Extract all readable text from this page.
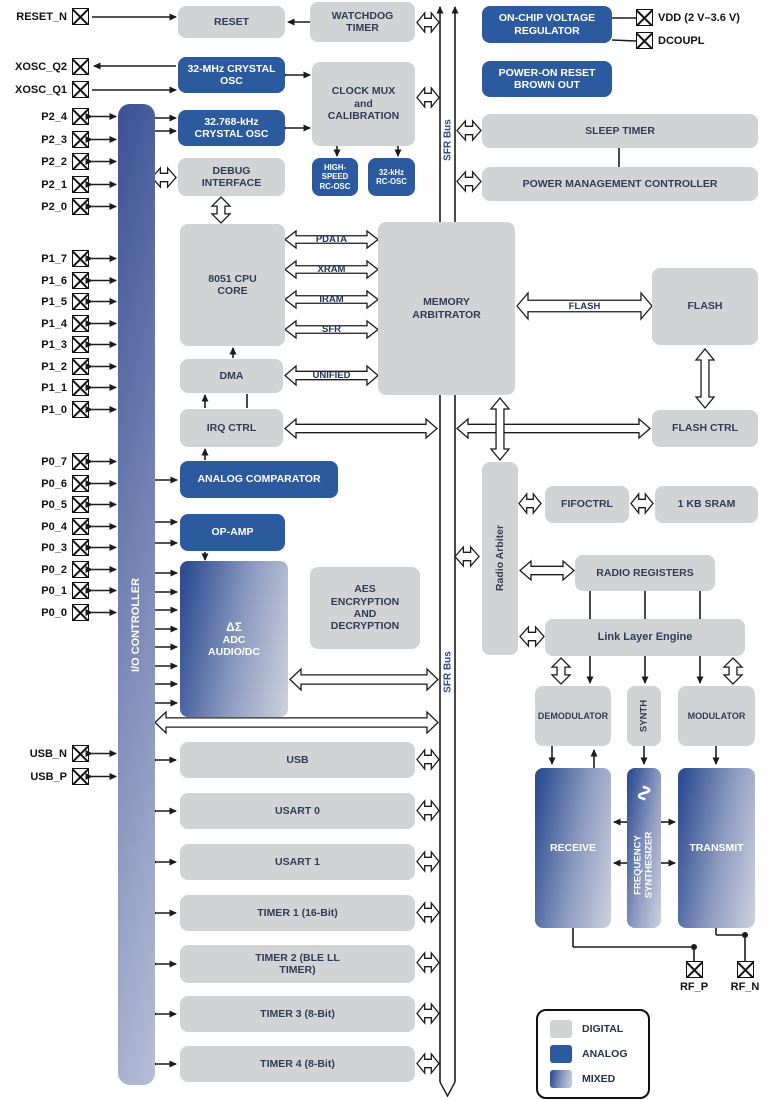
I/O CONTROLLER
RESET
WATCHDOG TIMER
32-MHz CRYSTAL OSC
32.768-kHz CRYSTAL OSC
CLOCK MUX
and
CALIBRATION
DEBUG INTERFACE
HIGH- SPEED RC-OSC
32-kHz RC-OSC
ON-CHIP VOLTAGE REGULATOR
POWER-ON RESET BROWN OUT
SLEEP TIMER
POWER MANAGEMENT CONTROLLER
8051 CPU CORE
MEMORY ARBITRATOR
DMA
IRQ CTRL
FLASH
FLASH CTRL
ANALOG COMPARATOR
OP-AMP
ΔΣ
ADC
AUDIO/DC
AES ENCRYPTION AND DECRYPTION
Radio Arbiter
FIFOCTRL	1 KB SRAM
RADIO REGISTERS
Link Layer Engine
DEMODULATOR	SYNTH	MODULATOR
RECEIVE
∿
FREQUENCY SYNTHESIZER	TRANSMIT
USB
USART 0
USART 1
TIMER 1 (16-Bit)
TIMER 2 (BLE LL TIMER)
TIMER 3 (8-Bit)
TIMER 4 (8-Bit)
PDATA
XRAM
IRAM
SFR
UNIFIED
FLASH
SFR Bus
SFR Bus
VDD (2 V–3.6 V)
DCOUPL
RF_P RF_N
DIGITAL
ANALOG
MIXED
RESET_N
XOSC_Q2
XOSC_Q1
P2_4
P2_3
P2_2
P2_1
P2_0
P1_7
P1_6
P1_5
P1_4
P1_3
P1_2
P1_1
P1_0
P0_7
P0_6
P0_5
P0_4
P0_3
P0_2
P0_1
P0_0
USB_N
USB_P
